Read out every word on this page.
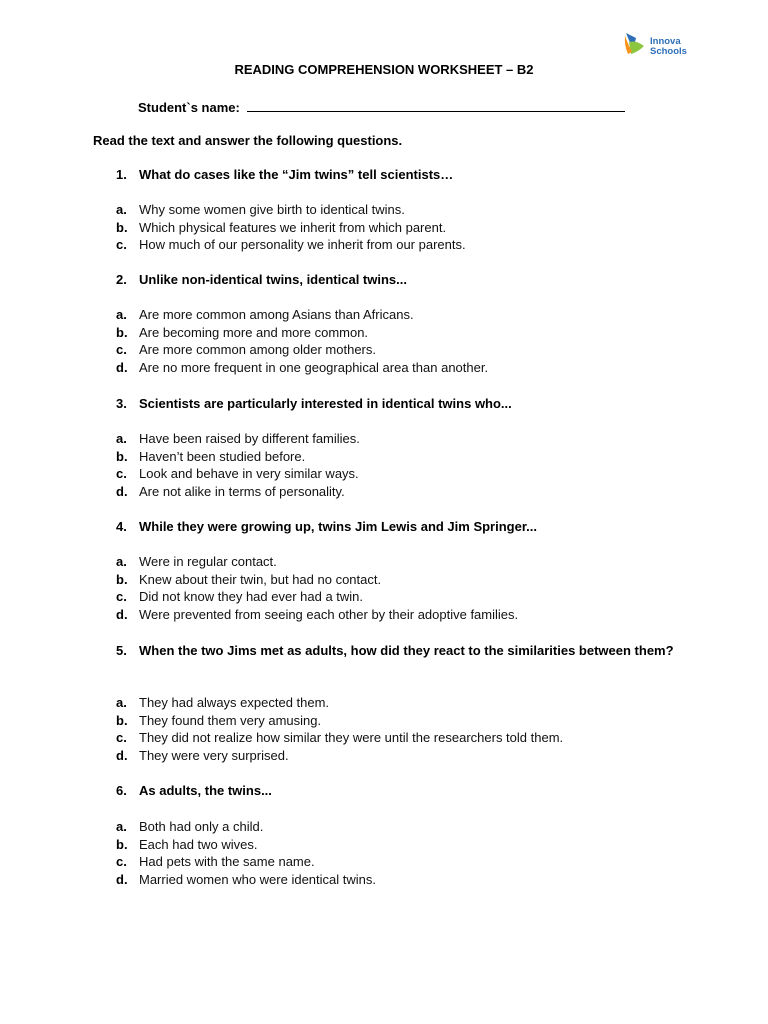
Innova
Schools
READING COMPREHENSION WORKSHEET – B2
Student`s name:
Read the text and answer the following questions.
1. What do cases like the “Jim twins” tell scientists…
a. Why some women give birth to identical twins.
b. Which physical features we inherit from which parent.
c. How much of our personality we inherit from our parents.
2. Unlike non-identical twins, identical twins...
a. Are more common among Asians than Africans.
b. Are becoming more and more common.
c. Are more common among older mothers.
d. Are no more frequent in one geographical area than another.
3. Scientists are particularly interested in identical twins who...
a. Have been raised by different families.
b. Haven’t been studied before.
c. Look and behave in very similar ways.
d. Are not alike in terms of personality.
4. While they were growing up, twins Jim Lewis and Jim Springer...
a. Were in regular contact.
b. Knew about their twin, but had no contact.
c. Did not know they had ever had a twin.
d. Were prevented from seeing each other by their adoptive families.
5. When the two Jims met as adults, how did they react to the similarities between them?
a. They had always expected them.
b. They found them very amusing.
c. They did not realize how similar they were until the researchers told them.
d. They were very surprised.
6. As adults, the twins...
a. Both had only a child.
b. Each had two wives.
c. Had pets with the same name.
d. Married women who were identical twins.
